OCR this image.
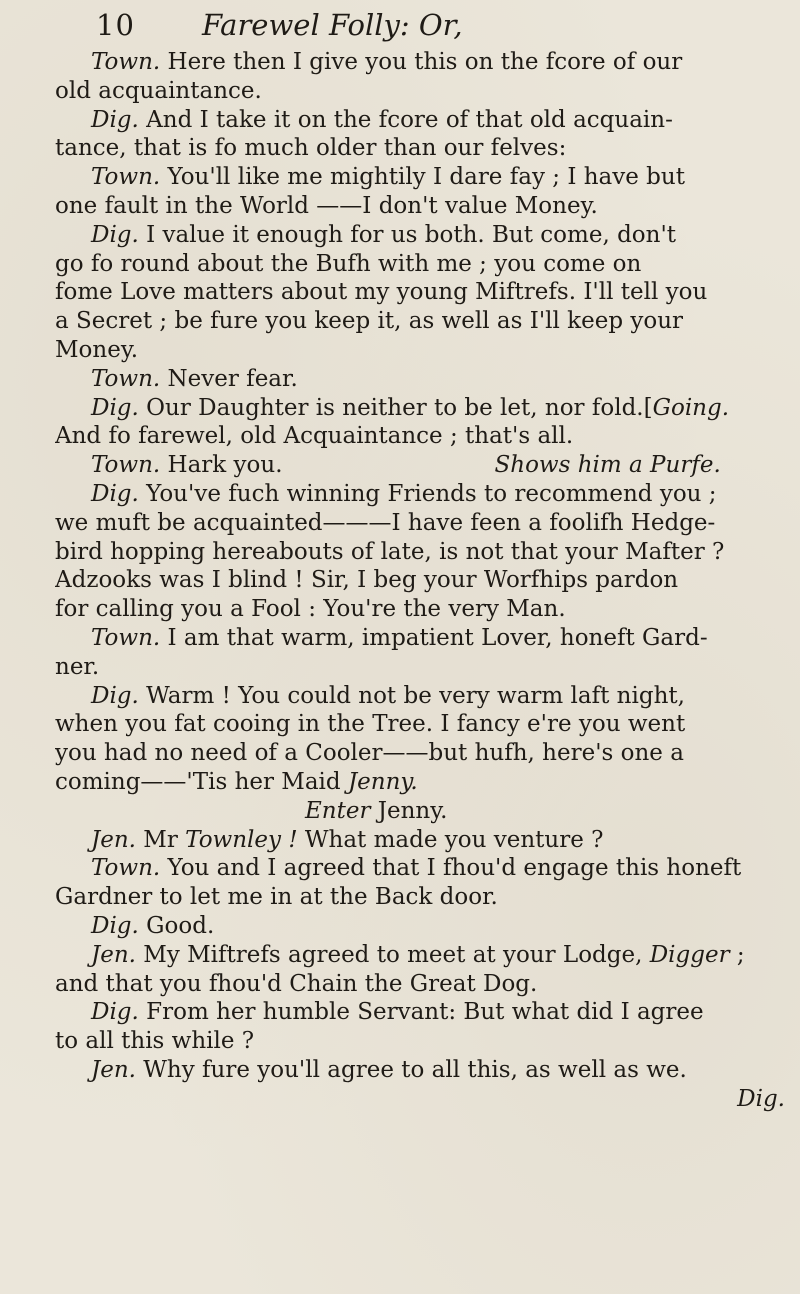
10 Farewel Folly: Or,
Town. Here then I give you this on the fcore of our
old acquaintance.
Dig. And I take it on the fcore of that old acquain-
tance, that is fo much older than our felves:
Town. You'll like me mightily I dare fay ; I have but
one fault in the World ——I don't value Money.
Dig. I value it enough for us both. But come, don't
go fo round about the Bufh with me ; you come on
fome Love matters about my young Miftrefs. I'll tell you
a Secret ; be fure you keep it, as well as I'll keep your
Money.
Town. Never fear.
Dig. Our Daughter is neither to be let, nor fold.[Going.
And fo farewel, old Acquaintance ; that's all.
Town. Hark you.	Shows him a Purfe.
Dig. You've fuch winning Friends to recommend you ;
we muft be acquainted———I have feen a foolifh Hedge-
bird hopping hereabouts of late, is not that your Mafter ?
Adzooks was I blind ! Sir, I beg your Worfhips pardon
for calling you a Fool : You're the very Man.
Town. I am that warm, impatient Lover, honeft Gard-
ner.
Dig. Warm ! You could not be very warm laft night,
when you fat cooing in the Tree. I fancy e're you went
you had no need of a Cooler——but hufh, here's one a
coming——'Tis her Maid Jenny.
Enter Jenny.
Jen. Mr Townley ! What made you venture ?
Town. You and I agreed that I fhou'd engage this honeft
Gardner to let me in at the Back door.
Dig. Good.
Jen. My Miftrefs agreed to meet at your Lodge, Digger ;
and that you fhou'd Chain the Great Dog.
Dig. From her humble Servant: But what did I agree
to all this while ?
Jen. Why fure you'll agree to all this, as well as we.
Dig.
